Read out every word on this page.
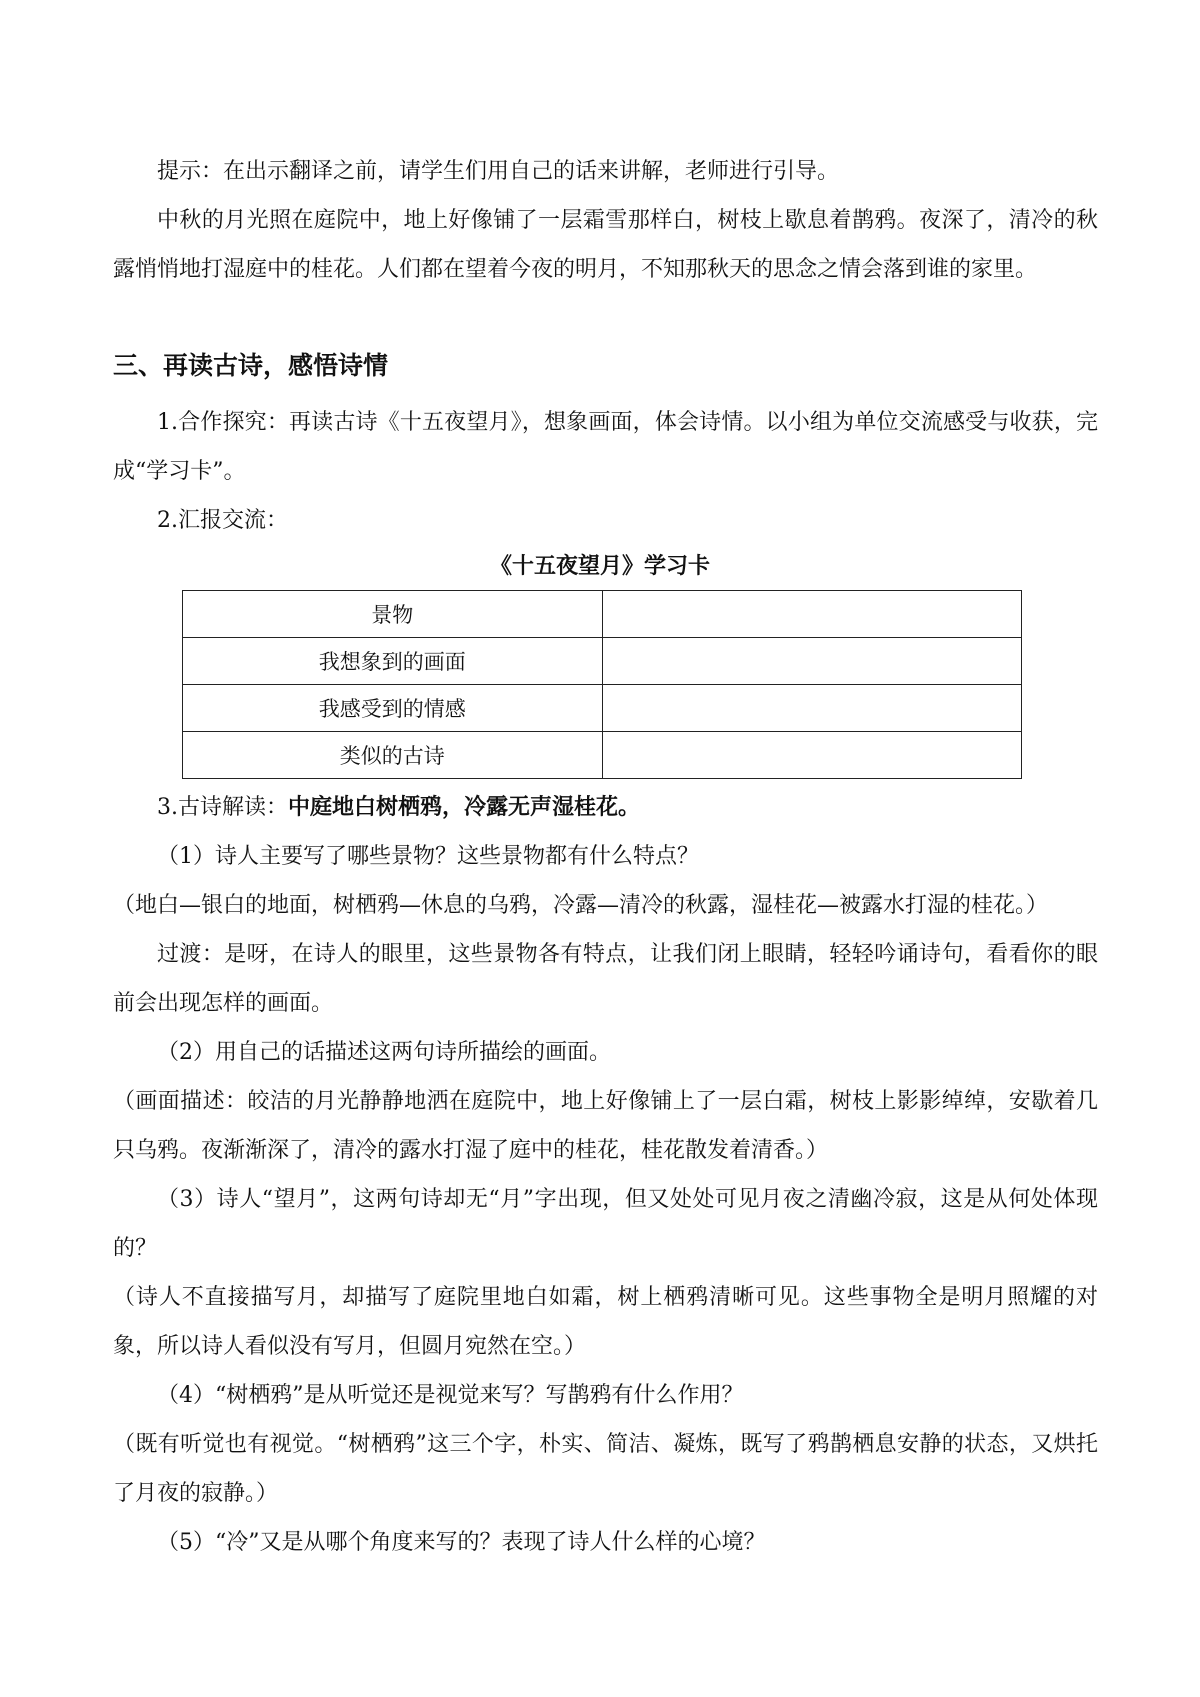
提示：在出示翻译之前，请学生们用自己的话来讲解，老师进行引导。

中秋的月光照在庭院中，地上好像铺了一层霜雪那样白，树枝上歇息着鹊鸦。夜深了，清冷的秋露悄悄地打湿庭中的桂花。人们都在望着今夜的明月，不知那秋天的思念之情会落到谁的家里。

三、再读古诗，感悟诗情

1.合作探究：再读古诗《十五夜望月》，想象画面，体会诗情。以小组为单位交流感受与收获，完成“学习卡”。

2.汇报交流：

《十五夜望月》学习卡

景物	
我想象到的画面	
我感受到的情感	
类似的古诗	

3.古诗解读：中庭地白树栖鸦，冷露无声湿桂花。

（1）诗人主要写了哪些景物？这些景物都有什么特点？

（地白—银白的地面，树栖鸦—休息的乌鸦，冷露—清冷的秋露，湿桂花—被露水打湿的桂花。）

过渡：是呀，在诗人的眼里，这些景物各有特点，让我们闭上眼睛，轻轻吟诵诗句，看看你的眼前会出现怎样的画面。

（2）用自己的话描述这两句诗所描绘的画面。

（画面描述：皎洁的月光静静地洒在庭院中，地上好像铺上了一层白霜，树枝上影影绰绰，安歇着几只乌鸦。夜渐渐深了，清冷的露水打湿了庭中的桂花，桂花散发着清香。）

（3）诗人“望月”，这两句诗却无“月”字出现，但又处处可见月夜之清幽冷寂，这是从何处体现的？

（诗人不直接描写月，却描写了庭院里地白如霜，树上栖鸦清晰可见。这些事物全是明月照耀的对象，所以诗人看似没有写月，但圆月宛然在空。）

（4）“树栖鸦”是从听觉还是视觉来写？写鹊鸦有什么作用？

（既有听觉也有视觉。“树栖鸦”这三个字，朴实、简洁、凝炼，既写了鸦鹊栖息安静的状态，又烘托了月夜的寂静。）

（5）“冷”又是从哪个角度来写的？表现了诗人什么样的心境？
